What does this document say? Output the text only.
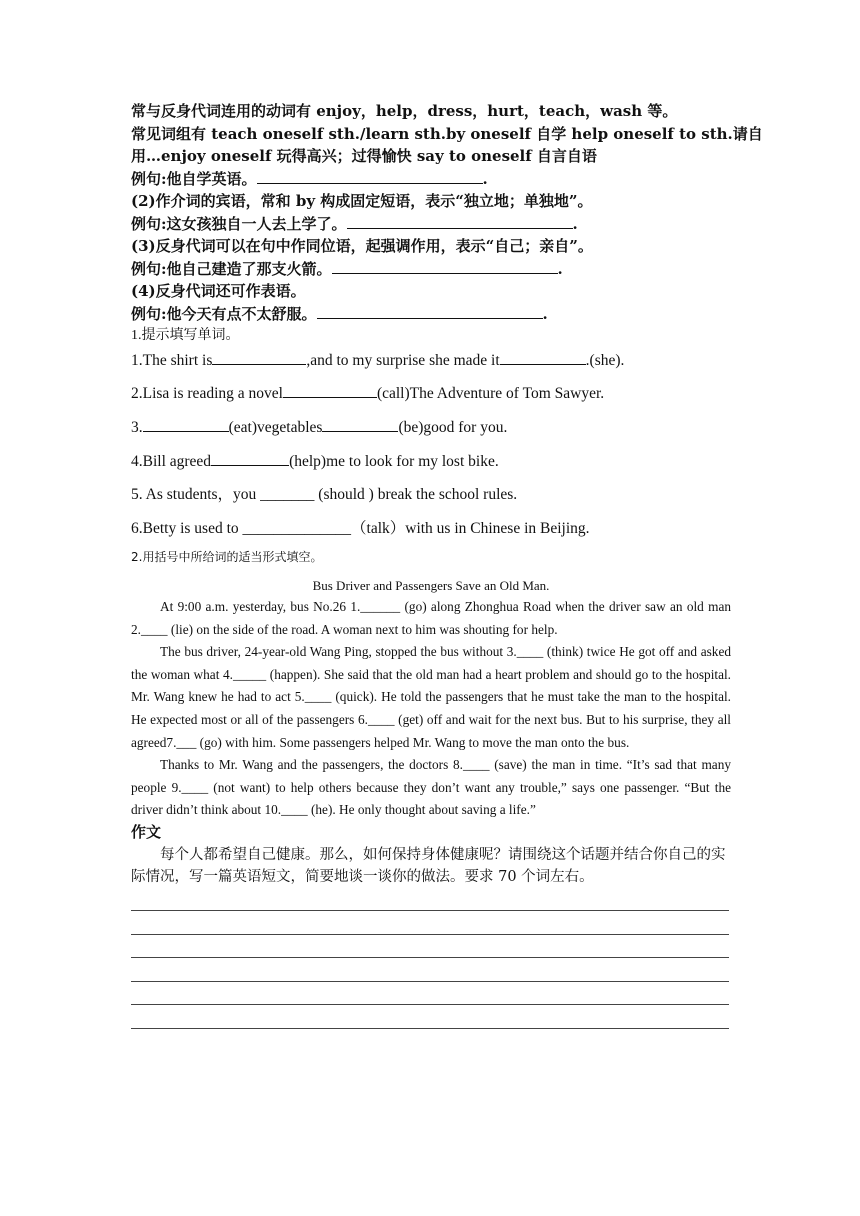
常与反身代词连用的动词有 enjoy，help，dress，hurt，teach，wash 等。
常见词组有 teach oneself sth./learn sth.by oneself 自学 help oneself to sth.请自
用…enjoy oneself 玩得高兴；过得愉快 say to oneself 自言自语
例句:他自学英语。	.
(2)作介词的宾语，常和 by 构成固定短语，表示“独立地；单独地”。
例句:这女孩独自一人去上学了。	.
(3)反身代词可以在句中作同位语，起强调作用，表示“自己；亲自”。
例句:他自己建造了那支火箭。	.
(4)反身代词还可作表语。
例句:他今天有点不太舒服。	.
1.提示填写单词。
1.The shirt is	,and to my surprise she made it	.(she).
2.Lisa is reading a novel	(call)The Adventure of Tom Sawyer.
3.	(eat)vegetables	(be)good for you.
4.Bill agreed	(help)me to look for my lost bike.
5. As students，you _______ (should ) break the school rules.
6.Betty is used to ______________（talk）with us in Chinese in Beijing.
2.用括号中所给词的适当形式填空。
Bus Driver and Passengers Save an Old Man.

At 9:00 a.m. yesterday, bus No.26 1.______ (go) along Zhonghua Road when the driver saw an old man 2.____ (lie) on the side of the road. A woman next to him was shouting for help.

The bus driver, 24-year-old Wang Ping, stopped the bus without 3.____ (think) twice He got off and asked the woman what 4._____ (happen). She said that the old man had a heart problem and should go to the hospital. Mr. Wang knew he had to act 5.____ (quick). He told the passengers that he must take the man to the hospital. He expected most or all of the passengers 6.____ (get) off and wait for the next bus. But to his surprise, they all agreed7.___ (go) with him. Some passengers helped Mr. Wang to move the man onto the bus.

Thanks to Mr. Wang and the passengers, the doctors 8.____ (save) the man in time. “It’s sad that many people 9.____ (not want) to help others because they don’t want any trouble,” says one passenger. “But the driver didn’t think about 10.____ (he). He only thought about saving a life.”

作文
每个人都希望自己健康。那么，如何保持身体健康呢？请围绕这个话题并结合你自己的实际情况，写一篇英语短文，简要地谈一谈你的做法。要求 70 个词左右。
